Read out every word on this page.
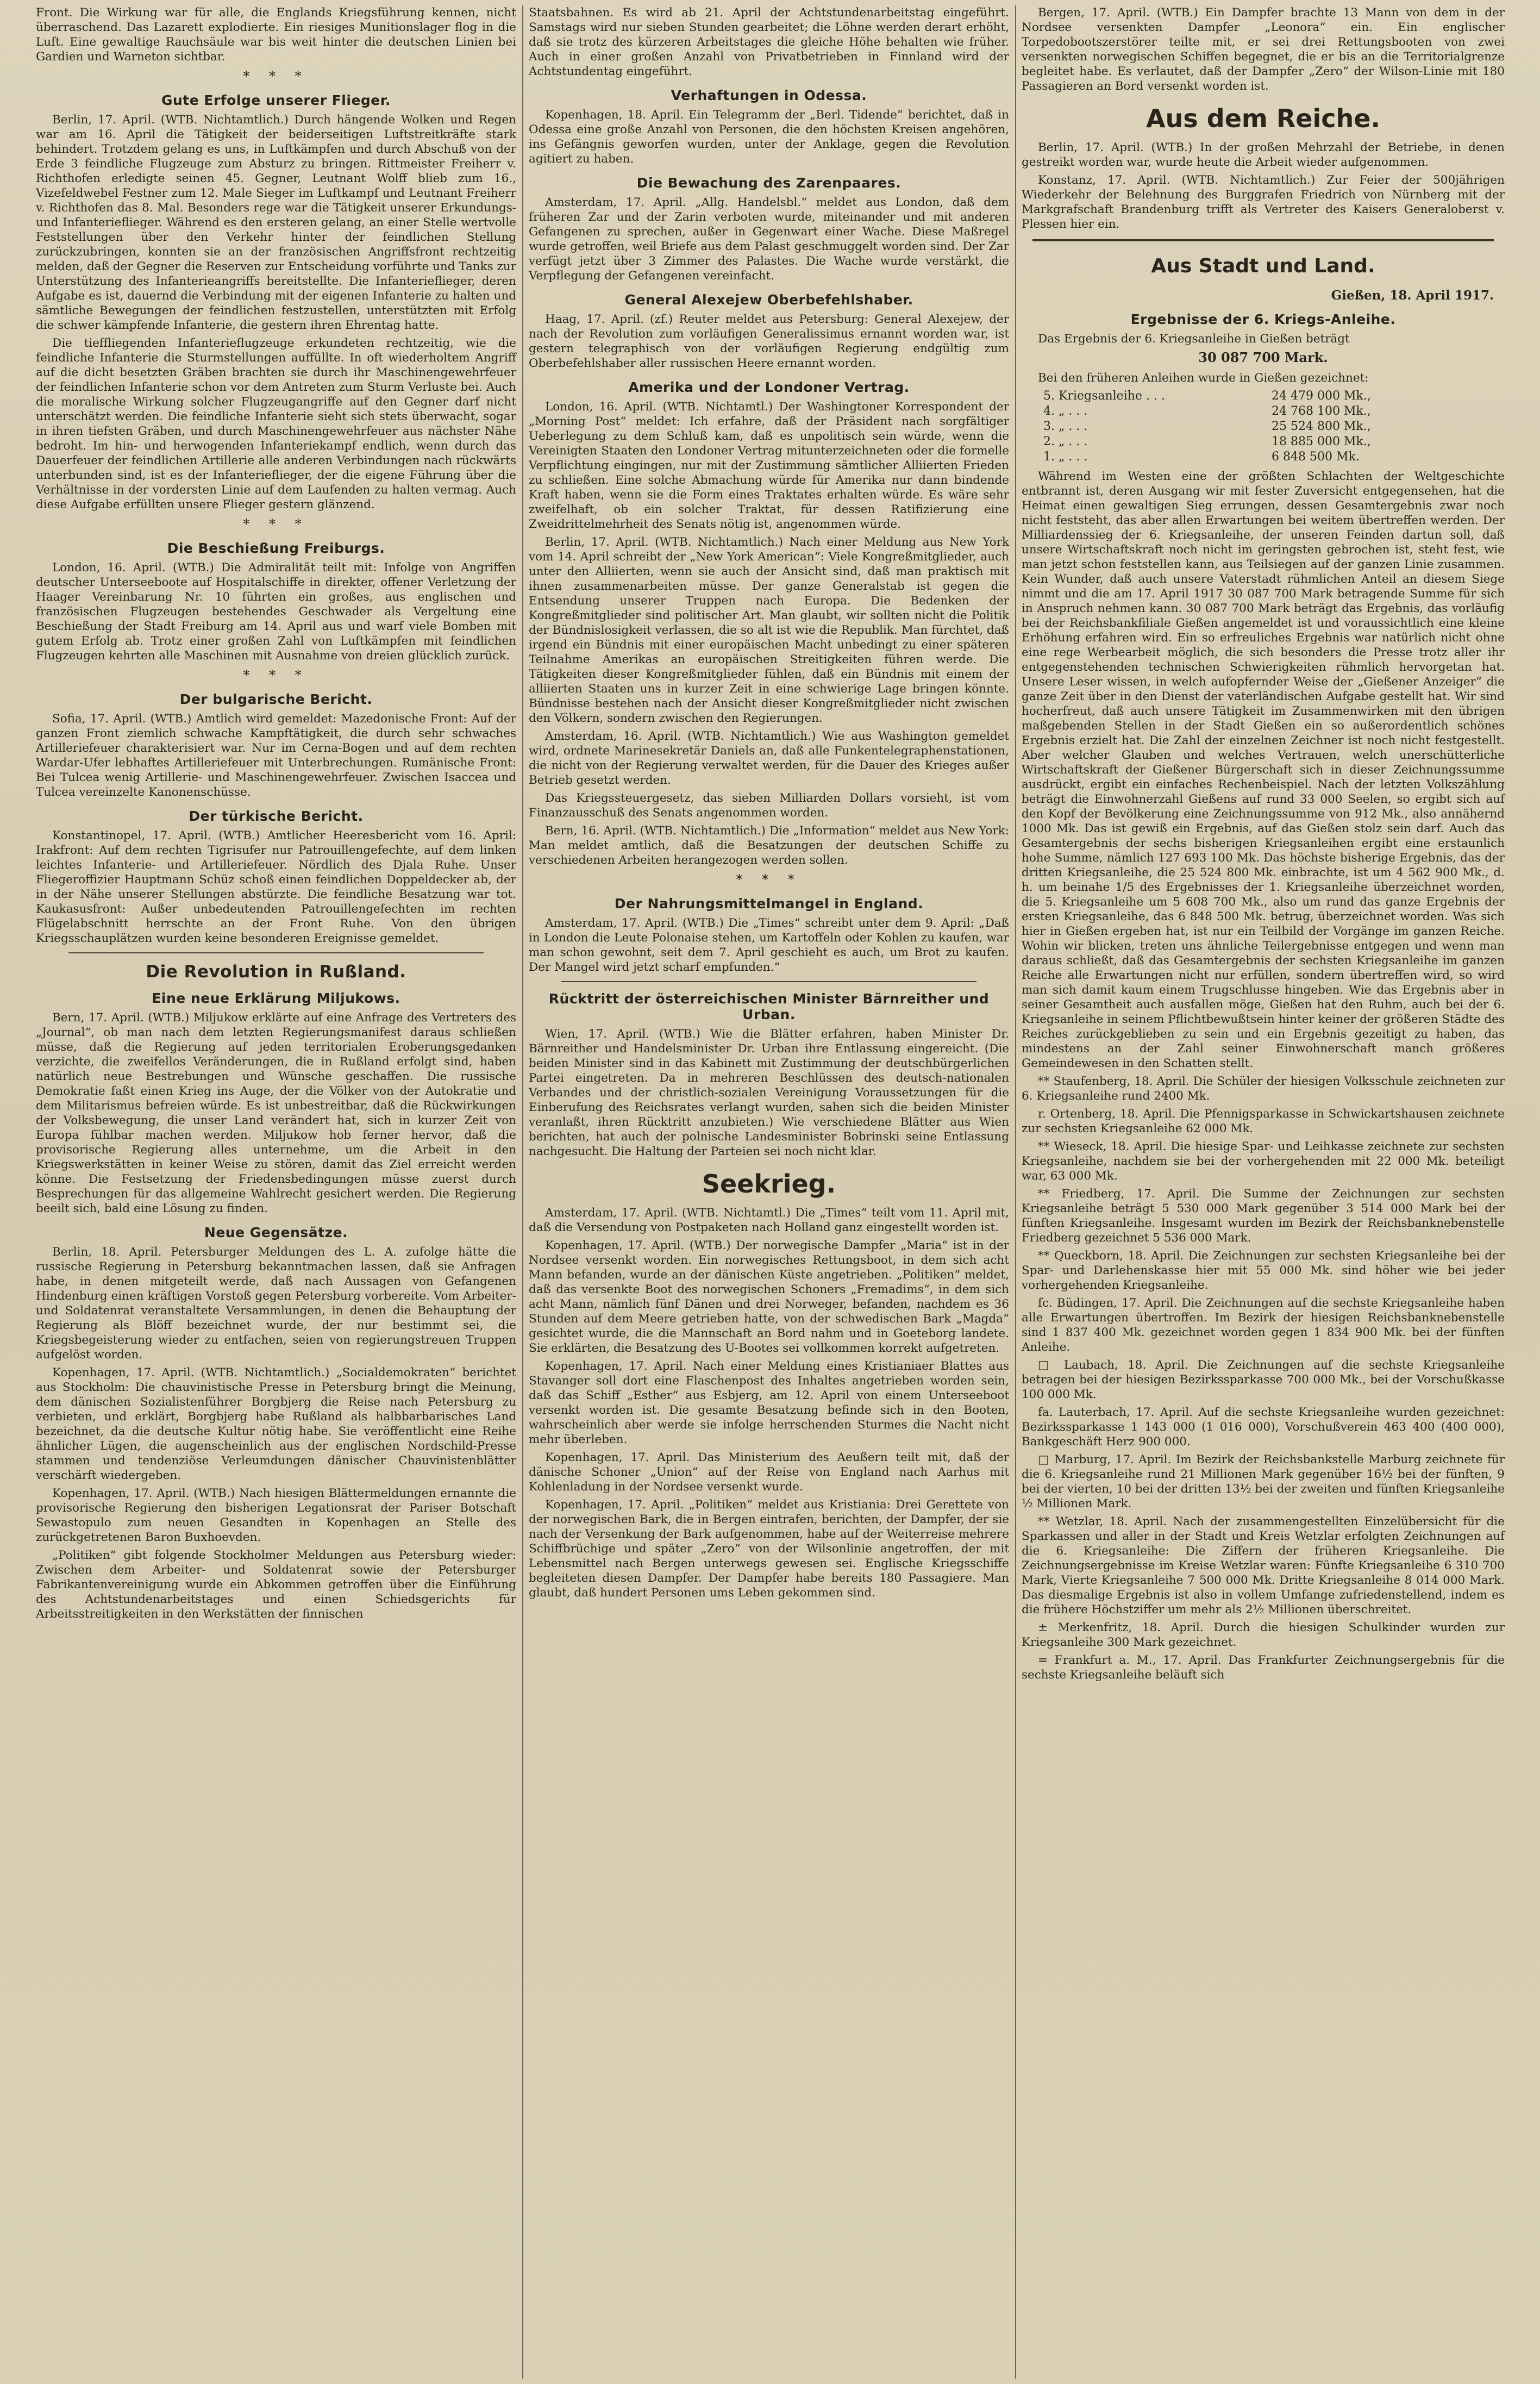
Front. Die Wirkung war für alle, die Englands Kriegsführung kennen, nicht überraschend. Das Lazarett explodierte. Ein riesiges Munitionslager flog in die Luft. Eine gewaltige Rauchsäule war bis weit hinter die deutschen Linien bei Gardien und Warneton sichtbar.

* * *
Gute Erfolge unserer Flieger.

Berlin, 17. April. (WTB. Nichtamtlich.) Durch hängende Wolken und Regen war am 16. April die Tätigkeit der beiderseitigen Luftstreitkräfte stark behindert. Trotzdem gelang es uns, in Luftkämpfen und durch Abschuß von der Erde 3 feindliche Flugzeuge zum Absturz zu bringen. Rittmeister Freiherr v. Richthofen erledigte seinen 45. Gegner, Leutnant Wolff blieb zum 16., Vizefeldwebel Festner zum 12. Male Sieger im Luftkampf und Leutnant Freiherr v. Richthofen das 8. Mal. Besonders rege war die Tätigkeit unserer Erkundungs- und Infanterieflieger. Während es den ersteren gelang, an einer Stelle wertvolle Feststellungen über den Verkehr hinter der feindlichen Stellung zurückzubringen, konnten sie an der französischen Angriffsfront rechtzeitig melden, daß der Gegner die Reserven zur Entscheidung vorführte und Tanks zur Unterstützung des Infanterieangriffs bereitstellte. Die Infanterieflieger, deren Aufgabe es ist, dauernd die Verbindung mit der eigenen Infanterie zu halten und sämtliche Bewegungen der feindlichen festzustellen, unterstützten mit Erfolg die schwer kämpfende Infanterie, die gestern ihren Ehrentag hatte.

Die tieffliegenden Infanterieflugzeuge erkundeten rechtzeitig, wie die feindliche Infanterie die Sturmstellungen auffüllte. In oft wiederholtem Angriff auf die dicht besetzten Gräben brachten sie durch ihr Maschinengewehrfeuer der feindlichen Infanterie schon vor dem Antreten zum Sturm Verluste bei. Auch die moralische Wirkung solcher Flugzeugangriffe auf den Gegner darf nicht unterschätzt werden. Die feindliche Infanterie sieht sich stets überwacht, sogar in ihren tiefsten Gräben, und durch Maschinengewehrfeuer aus nächster Nähe bedroht. Im hin- und herwogenden Infanteriekampf endlich, wenn durch das Dauerfeuer der feindlichen Artillerie alle anderen Verbindungen nach rückwärts unterbunden sind, ist es der Infanterieflieger, der die eigene Führung über die Verhältnisse in der vordersten Linie auf dem Laufenden zu halten vermag. Auch diese Aufgabe erfüllten unsere Flieger gestern glänzend.

* * *
Die Beschießung Freiburgs.

London, 16. April. (WTB.) Die Admiralität teilt mit: Infolge von Angriffen deutscher Unterseeboote auf Hospitalschiffe in direkter, offener Verletzung der Haager Vereinbarung Nr. 10 führten ein großes, aus englischen und französischen Flugzeugen bestehendes Geschwader als Vergeltung eine Beschießung der Stadt Freiburg am 14. April aus und warf viele Bomben mit gutem Erfolg ab. Trotz einer großen Zahl von Luftkämpfen mit feindlichen Flugzeugen kehrten alle Maschinen mit Ausnahme von dreien glücklich zurück.

* * *
Der bulgarische Bericht.

Sofia, 17. April. (WTB.) Amtlich wird gemeldet: Mazedonische Front: Auf der ganzen Front ziemlich schwache Kampftätigkeit, die durch sehr schwaches Artilleriefeuer charakterisiert war. Nur im Cerna-Bogen und auf dem rechten Wardar-Ufer lebhaftes Artilleriefeuer mit Unterbrechungen. Rumänische Front: Bei Tulcea wenig Artillerie- und Maschinengewehrfeuer. Zwischen Isaccea und Tulcea vereinzelte Kanonenschüsse.

Der türkische Bericht.

Konstantinopel, 17. April. (WTB.) Amtlicher Heeresbericht vom 16. April: Irakfront: Auf dem rechten Tigrisufer nur Patrouillengefechte, auf dem linken leichtes Infanterie- und Artilleriefeuer. Nördlich des Djala Ruhe. Unser Fliegeroffizier Hauptmann Schüz schoß einen feindlichen Doppeldecker ab, der in der Nähe unserer Stellungen abstürzte. Die feindliche Besatzung war tot. Kaukasusfront: Außer unbedeutenden Patrouillengefechten im rechten Flügelabschnitt herrschte an der Front Ruhe. Von den übrigen Kriegsschauplätzen wurden keine besonderen Ereignisse gemeldet.

Die Revolution in Rußland.
Eine neue Erklärung Miljukows.

Bern, 17. April. (WTB.) Miljukow erklärte auf eine Anfrage des Vertreters des „Journal“, ob man nach dem letzten Regierungsmanifest daraus schließen müsse, daß die Regierung auf jeden territorialen Eroberungsgedanken verzichte, die zweifellos Veränderungen, die in Rußland erfolgt sind, haben natürlich neue Bestrebungen und Wünsche geschaffen. Die russische Demokratie faßt einen Krieg ins Auge, der die Völker von der Autokratie und dem Militarismus befreien würde. Es ist unbestreitbar, daß die Rückwirkungen der Volksbewegung, die unser Land verändert hat, sich in kurzer Zeit von Europa fühlbar machen werden. Miljukow hob ferner hervor, daß die provisorische Regierung alles unternehme, um die Arbeit in den Kriegswerkstätten in keiner Weise zu stören, damit das Ziel erreicht werden könne. Die Festsetzung der Friedensbedingungen müsse zuerst durch Besprechungen für das allgemeine Wahlrecht gesichert werden. Die Regierung beeilt sich, bald eine Lösung zu finden.

Neue Gegensätze.

Berlin, 18. April. Petersburger Meldungen des L. A. zufolge hätte die russische Regierung in Petersburg bekanntmachen lassen, daß sie Anfragen habe, in denen mitgeteilt werde, daß nach Aussagen von Gefangenen Hindenburg einen kräftigen Vorstoß gegen Petersburg vorbereite. Vom Arbeiter- und Soldatenrat veranstaltete Versammlungen, in denen die Behauptung der Regierung als Blöff bezeichnet wurde, der nur bestimmt sei, die Kriegsbegeisterung wieder zu entfachen, seien von regierungstreuen Truppen aufgelöst worden.

Kopenhagen, 17. April. (WTB. Nichtamtlich.) „Socialdemokraten“ berichtet aus Stockholm: Die chauvinistische Presse in Petersburg bringt die Meinung, dem dänischen Sozialistenführer Borgbjerg die Reise nach Petersburg zu verbieten, und erklärt, Borgbjerg habe Rußland als halbbarbarisches Land bezeichnet, da die deutsche Kultur nötig habe. Sie veröffentlicht eine Reihe ähnlicher Lügen, die augenscheinlich aus der englischen Nordschild-Presse stammen und tendenziöse Verleumdungen dänischer Chauvinistenblätter verschärft wiedergeben.

Kopenhagen, 17. April. (WTB.) Nach hiesigen Blättermeldungen ernannte die provisorische Regierung den bisherigen Legationsrat der Pariser Botschaft Sewastopulo zum neuen Gesandten in Kopenhagen an Stelle des zurückgetretenen Baron Buxhoevden.

„Politiken“ gibt folgende Stockholmer Meldungen aus Petersburg wieder: Zwischen dem Arbeiter- und Soldatenrat sowie der Petersburger Fabrikantenvereinigung wurde ein Abkommen getroffen über die Einführung des Achtstundenarbeitstages und einen Schiedsgerichts für Arbeitsstreitigkeiten in den Werkstätten der finnischen

Staatsbahnen. Es wird ab 21. April der Achtstundenarbeitstag eingeführt. Samstags wird nur sieben Stunden gearbeitet; die Löhne werden derart erhöht, daß sie trotz des kürzeren Arbeitstages die gleiche Höhe behalten wie früher. Auch in einer großen Anzahl von Privatbetrieben in Finnland wird der Achtstundentag eingeführt.

Verhaftungen in Odessa.

Kopenhagen, 18. April. Ein Telegramm der „Berl. Tidende“ berichtet, daß in Odessa eine große Anzahl von Personen, die den höchsten Kreisen angehören, ins Gefängnis geworfen wurden, unter der Anklage, gegen die Revolution agitiert zu haben.

Die Bewachung des Zarenpaares.

Amsterdam, 17. April. „Allg. Handelsbl.“ meldet aus London, daß dem früheren Zar und der Zarin verboten wurde, miteinander und mit anderen Gefangenen zu sprechen, außer in Gegenwart einer Wache. Diese Maßregel wurde getroffen, weil Briefe aus dem Palast geschmuggelt worden sind. Der Zar verfügt jetzt über 3 Zimmer des Palastes. Die Wache wurde verstärkt, die Verpflegung der Gefangenen vereinfacht.

General Alexejew Oberbefehlshaber.

Haag, 17. April. (zf.) Reuter meldet aus Petersburg: General Alexejew, der nach der Revolution zum vorläufigen Generalissimus ernannt worden war, ist gestern telegraphisch von der vorläufigen Regierung endgültig zum Oberbefehlshaber aller russischen Heere ernannt worden.

Amerika und der Londoner Vertrag.

London, 16. April. (WTB. Nichtamtl.) Der Washingtoner Korrespondent der „Morning Post“ meldet: Ich erfahre, daß der Präsident nach sorgfältiger Ueberlegung zu dem Schluß kam, daß es unpolitisch sein würde, wenn die Vereinigten Staaten den Londoner Vertrag mitunterzeichneten oder die formelle Verpflichtung eingingen, nur mit der Zustimmung sämtlicher Alliierten Frieden zu schließen. Eine solche Abmachung würde für Amerika nur dann bindende Kraft haben, wenn sie die Form eines Traktates erhalten würde. Es wäre sehr zweifelhaft, ob ein solcher Traktat, für dessen Ratifizierung eine Zweidrittelmehrheit des Senats nötig ist, angenommen würde.

Berlin, 17. April. (WTB. Nichtamtlich.) Nach einer Meldung aus New York vom 14. April schreibt der „New York American“: Viele Kongreßmitglieder, auch unter den Alliierten, wenn sie auch der Ansicht sind, daß man praktisch mit ihnen zusammenarbeiten müsse. Der ganze Generalstab ist gegen die Entsendung unserer Truppen nach Europa. Die Bedenken der Kongreßmitglieder sind politischer Art. Man glaubt, wir sollten nicht die Politik der Bündnislosigkeit verlassen, die so alt ist wie die Republik. Man fürchtet, daß irgend ein Bündnis mit einer europäischen Macht unbedingt zu einer späteren Teilnahme Amerikas an europäischen Streitigkeiten führen werde. Die Tätigkeiten dieser Kongreßmitglieder fühlen, daß ein Bündnis mit einem der alliierten Staaten uns in kurzer Zeit in eine schwierige Lage bringen könnte. Bündnisse bestehen nach der Ansicht dieser Kongreßmitglieder nicht zwischen den Völkern, sondern zwischen den Regierungen.

Amsterdam, 16. April. (WTB. Nichtamtlich.) Wie aus Washington gemeldet wird, ordnete Marinesekretär Daniels an, daß alle Funkentelegraphenstationen, die nicht von der Regierung verwaltet werden, für die Dauer des Krieges außer Betrieb gesetzt werden.

Das Kriegssteuergesetz, das sieben Milliarden Dollars vorsieht, ist vom Finanzausschuß des Senats angenommen worden.

Bern, 16. April. (WTB. Nichtamtlich.) Die „Information“ meldet aus New York: Man meldet amtlich, daß die Besatzungen der deutschen Schiffe zu verschiedenen Arbeiten herangezogen werden sollen.

* * *
Der Nahrungsmittelmangel in England.

Amsterdam, 17. April. (WTB.) Die „Times“ schreibt unter dem 9. April: „Daß in London die Leute Polonaise stehen, um Kartoffeln oder Kohlen zu kaufen, war man schon gewohnt, seit dem 7. April geschieht es auch, um Brot zu kaufen. Der Mangel wird jetzt scharf empfunden.“

Rücktritt der österreichischen Minister Bärnreither und Urban.

Wien, 17. April. (WTB.) Wie die Blätter erfahren, haben Minister Dr. Bärnreither und Handelsminister Dr. Urban ihre Entlassung eingereicht. (Die beiden Minister sind in das Kabinett mit Zustimmung der deutschbürgerlichen Partei eingetreten. Da in mehreren Beschlüssen des deutsch-nationalen Verbandes und der christlich-sozialen Vereinigung Voraussetzungen für die Einberufung des Reichsrates verlangt wurden, sahen sich die beiden Minister veranlaßt, ihren Rücktritt anzubieten.) Wie verschiedene Blätter aus Wien berichten, hat auch der polnische Landesminister Bobrinski seine Entlassung nachgesucht. Die Haltung der Parteien sei noch nicht klar.

Seekrieg.

Amsterdam, 17. April. (WTB. Nichtamtl.) Die „Times“ teilt vom 11. April mit, daß die Versendung von Postpaketen nach Holland ganz eingestellt worden ist.

Kopenhagen, 17. April. (WTB.) Der norwegische Dampfer „Maria“ ist in der Nordsee versenkt worden. Ein norwegisches Rettungsboot, in dem sich acht Mann befanden, wurde an der dänischen Küste angetrieben. „Politiken“ meldet, daß das versenkte Boot des norwegischen Schoners „Fremadims“, in dem sich acht Mann, nämlich fünf Dänen und drei Norweger, befanden, nachdem es 36 Stunden auf dem Meere getrieben hatte, von der schwedischen Bark „Magda“ gesichtet wurde, die die Mannschaft an Bord nahm und in Goeteborg landete. Sie erklärten, die Besatzung des U-Bootes sei vollkommen korrekt aufgetreten.

Kopenhagen, 17. April. Nach einer Meldung eines Kristianiaer Blattes aus Stavanger soll dort eine Flaschenpost des Inhaltes angetrieben worden sein, daß das Schiff „Esther“ aus Esbjerg, am 12. April von einem Unterseeboot versenkt worden ist. Die gesamte Besatzung befinde sich in den Booten, wahrscheinlich aber werde sie infolge herrschenden Sturmes die Nacht nicht mehr überleben.

Kopenhagen, 17. April. Das Ministerium des Aeußern teilt mit, daß der dänische Schoner „Union“ auf der Reise von England nach Aarhus mit Kohlenladung in der Nordsee versenkt wurde.

Kopenhagen, 17. April. „Politiken“ meldet aus Kristiania: Drei Gerettete von der norwegischen Bark, die in Bergen eintrafen, berichten, der Dampfer, der sie nach der Versenkung der Bark aufgenommen, habe auf der Weiterreise mehrere Schiffbrüchige und später „Zero“ von der Wilsonlinie angetroffen, der mit Lebensmittel nach Bergen unterwegs gewesen sei. Englische Kriegsschiffe begleiteten diesen Dampfer. Der Dampfer habe bereits 180 Passagiere. Man glaubt, daß hundert Personen ums Leben gekommen sind.

Bergen, 17. April. (WTB.) Ein Dampfer brachte 13 Mann von dem in der Nordsee versenkten Dampfer „Leonora“ ein. Ein englischer Torpedobootszerstörer teilte mit, er sei drei Rettungsbooten von zwei versenkten norwegischen Schiffen begegnet, die er bis an die Territorialgrenze begleitet habe. Es verlautet, daß der Dampfer „Zero“ der Wilson-Linie mit 180 Passagieren an Bord versenkt worden ist.

Aus dem Reiche.

Berlin, 17. April. (WTB.) In der großen Mehrzahl der Betriebe, in denen gestreikt worden war, wurde heute die Arbeit wieder aufgenommen.

Konstanz, 17. April. (WTB. Nichtamtlich.) Zur Feier der 500jährigen Wiederkehr der Belehnung des Burggrafen Friedrich von Nürnberg mit der Markgrafschaft Brandenburg trifft als Vertreter des Kaisers Generaloberst v. Plessen hier ein.

Aus Stadt und Land.
Gießen, 18. April 1917.
Ergebnisse der 6. Kriegs-Anleihe.

Das Ergebnis der 6. Kriegsanleihe in Gießen beträgt

30 087 700 Mark.

Bei den früheren Anleihen wurde in Gießen gezeichnet:

5. Kriegsanleihe . . .	24 479 000 Mk.,
4. „ . . .	24 768 100 Mk.,
3. „ . . .	25 524 800 Mk.,
2. „ . . .	18 885 000 Mk.,
1. „ . . .	6 848 500 Mk.

Während im Westen eine der größten Schlachten der Weltgeschichte entbrannt ist, deren Ausgang wir mit fester Zuversicht entgegensehen, hat die Heimat einen gewaltigen Sieg errungen, dessen Gesamtergebnis zwar noch nicht feststeht, das aber allen Erwartungen bei weitem übertreffen werden. Der Milliardenssieg der 6. Kriegsanleihe, der unseren Feinden dartun soll, daß unsere Wirtschaftskraft noch nicht im geringsten gebrochen ist, steht fest, wie man jetzt schon feststellen kann, aus Teilsiegen auf der ganzen Linie zusammen. Kein Wunder, daß auch unsere Vaterstadt rühmlichen Anteil an diesem Siege nimmt und die am 17. April 1917 30 087 700 Mark betragende Summe für sich in Anspruch nehmen kann. 30 087 700 Mark beträgt das Ergebnis, das vorläufig bei der Reichsbankfiliale Gießen angemeldet ist und voraussichtlich eine kleine Erhöhung erfahren wird. Ein so erfreuliches Ergebnis war natürlich nicht ohne eine rege Werbearbeit möglich, die sich besonders die Presse trotz aller ihr entgegenstehenden technischen Schwierigkeiten rühmlich hervorgetan hat. Unsere Leser wissen, in welch aufopfernder Weise der „Gießener Anzeiger“ die ganze Zeit über in den Dienst der vaterländischen Aufgabe gestellt hat. Wir sind hocherfreut, daß auch unsere Tätigkeit im Zusammenwirken mit den übrigen maßgebenden Stellen in der Stadt Gießen ein so außerordentlich schönes Ergebnis erzielt hat. Die Zahl der einzelnen Zeichner ist noch nicht festgestellt. Aber welcher Glauben und welches Vertrauen, welch unerschütterliche Wirtschaftskraft der Gießener Bürgerschaft sich in dieser Zeichnungssumme ausdrückt, ergibt ein einfaches Rechenbeispiel. Nach der letzten Volkszählung beträgt die Einwohnerzahl Gießens auf rund 33 000 Seelen, so ergibt sich auf den Kopf der Bevölkerung eine Zeichnungssumme von 912 Mk., also annähernd 1000 Mk. Das ist gewiß ein Ergebnis, auf das Gießen stolz sein darf. Auch das Gesamtergebnis der sechs bisherigen Kriegsanleihen ergibt eine erstaunlich hohe Summe, nämlich 127 693 100 Mk. Das höchste bisherige Ergebnis, das der dritten Kriegsanleihe, die 25 524 800 Mk. einbrachte, ist um 4 562 900 Mk., d. h. um beinahe 1/5 des Ergebnisses der 1. Kriegsanleihe überzeichnet worden, die 5. Kriegsanleihe um 5 608 700 Mk., also um rund das ganze Ergebnis der ersten Kriegsanleihe, das 6 848 500 Mk. betrug, überzeichnet worden. Was sich hier in Gießen ergeben hat, ist nur ein Teilbild der Vorgänge im ganzen Reiche. Wohin wir blicken, treten uns ähnliche Teilergebnisse entgegen und wenn man daraus schließt, daß das Gesamtergebnis der sechsten Kriegsanleihe im ganzen Reiche alle Erwartungen nicht nur erfüllen, sondern übertreffen wird, so wird man sich damit kaum einem Trugschlusse hingeben. Wie das Ergebnis aber in seiner Gesamtheit auch ausfallen möge, Gießen hat den Ruhm, auch bei der 6. Kriegsanleihe in seinem Pflichtbewußtsein hinter keiner der größeren Städte des Reiches zurückgeblieben zu sein und ein Ergebnis gezeitigt zu haben, das mindestens an der Zahl seiner Einwohnerschaft manch größeres Gemeindewesen in den Schatten stellt.

** Staufenberg, 18. April. Die Schüler der hiesigen Volksschule zeichneten zur 6. Kriegsanleihe rund 2400 Mk.

r. Ortenberg, 18. April. Die Pfennigsparkasse in Schwickartshausen zeichnete zur sechsten Kriegsanleihe 62 000 Mk.

** Wieseck, 18. April. Die hiesige Spar- und Leihkasse zeichnete zur sechsten Kriegsanleihe, nachdem sie bei der vorhergehenden mit 22 000 Mk. beteiligt war, 63 000 Mk.

** Friedberg, 17. April. Die Summe der Zeichnungen zur sechsten Kriegsanleihe beträgt 5 530 000 Mark gegenüber 3 514 000 Mark bei der fünften Kriegsanleihe. Insgesamt wurden im Bezirk der Reichsbanknebenstelle Friedberg gezeichnet 5 536 000 Mark.

** Queckborn, 18. April. Die Zeichnungen zur sechsten Kriegsanleihe bei der Spar- und Darlehenskasse hier mit 55 000 Mk. sind höher wie bei jeder vorhergehenden Kriegsanleihe.

fc. Büdingen, 17. April. Die Zeichnungen auf die sechste Kriegsanleihe haben alle Erwartungen übertroffen. Im Bezirk der hiesigen Reichsbanknebenstelle sind 1 837 400 Mk. gezeichnet worden gegen 1 834 900 Mk. bei der fünften Anleihe.

□ Laubach, 18. April. Die Zeichnungen auf die sechste Kriegsanleihe betragen bei der hiesigen Bezirkssparkasse 700 000 Mk., bei der Vorschußkasse 100 000 Mk.

fa. Lauterbach, 17. April. Auf die sechste Kriegsanleihe wurden gezeichnet: Bezirkssparkasse 1 143 000 (1 016 000), Vorschußverein 463 400 (400 000), Bankgeschäft Herz 900 000.

□ Marburg, 17. April. Im Bezirk der Reichsbankstelle Marburg zeichnete für die 6. Kriegsanleihe rund 21 Millionen Mark gegenüber 16½ bei der fünften, 9 bei der vierten, 10 bei der dritten 13½ bei der zweiten und fünften Kriegsanleihe ½ Millionen Mark.

** Wetzlar, 18. April. Nach der zusammengestellten Einzelübersicht für die Sparkassen und aller in der Stadt und Kreis Wetzlar erfolgten Zeichnungen auf die 6. Kriegsanleihe: Die Ziffern der früheren Kriegsanleihe. Die Zeichnungsergebnisse im Kreise Wetzlar waren: Fünfte Kriegsanleihe 6 310 700 Mark, Vierte Kriegsanleihe 7 500 000 Mk. Dritte Kriegsanleihe 8 014 000 Mark. Das diesmalige Ergebnis ist also in vollem Umfange zufriedenstellend, indem es die frühere Höchstziffer um mehr als 2½ Millionen überschreitet.

± Merkenfritz, 18. April. Durch die hiesigen Schulkinder wurden zur Kriegsanleihe 300 Mark gezeichnet.

= Frankfurt a. M., 17. April. Das Frankfurter Zeichnungsergebnis für die sechste Kriegsanleihe beläuft sich
